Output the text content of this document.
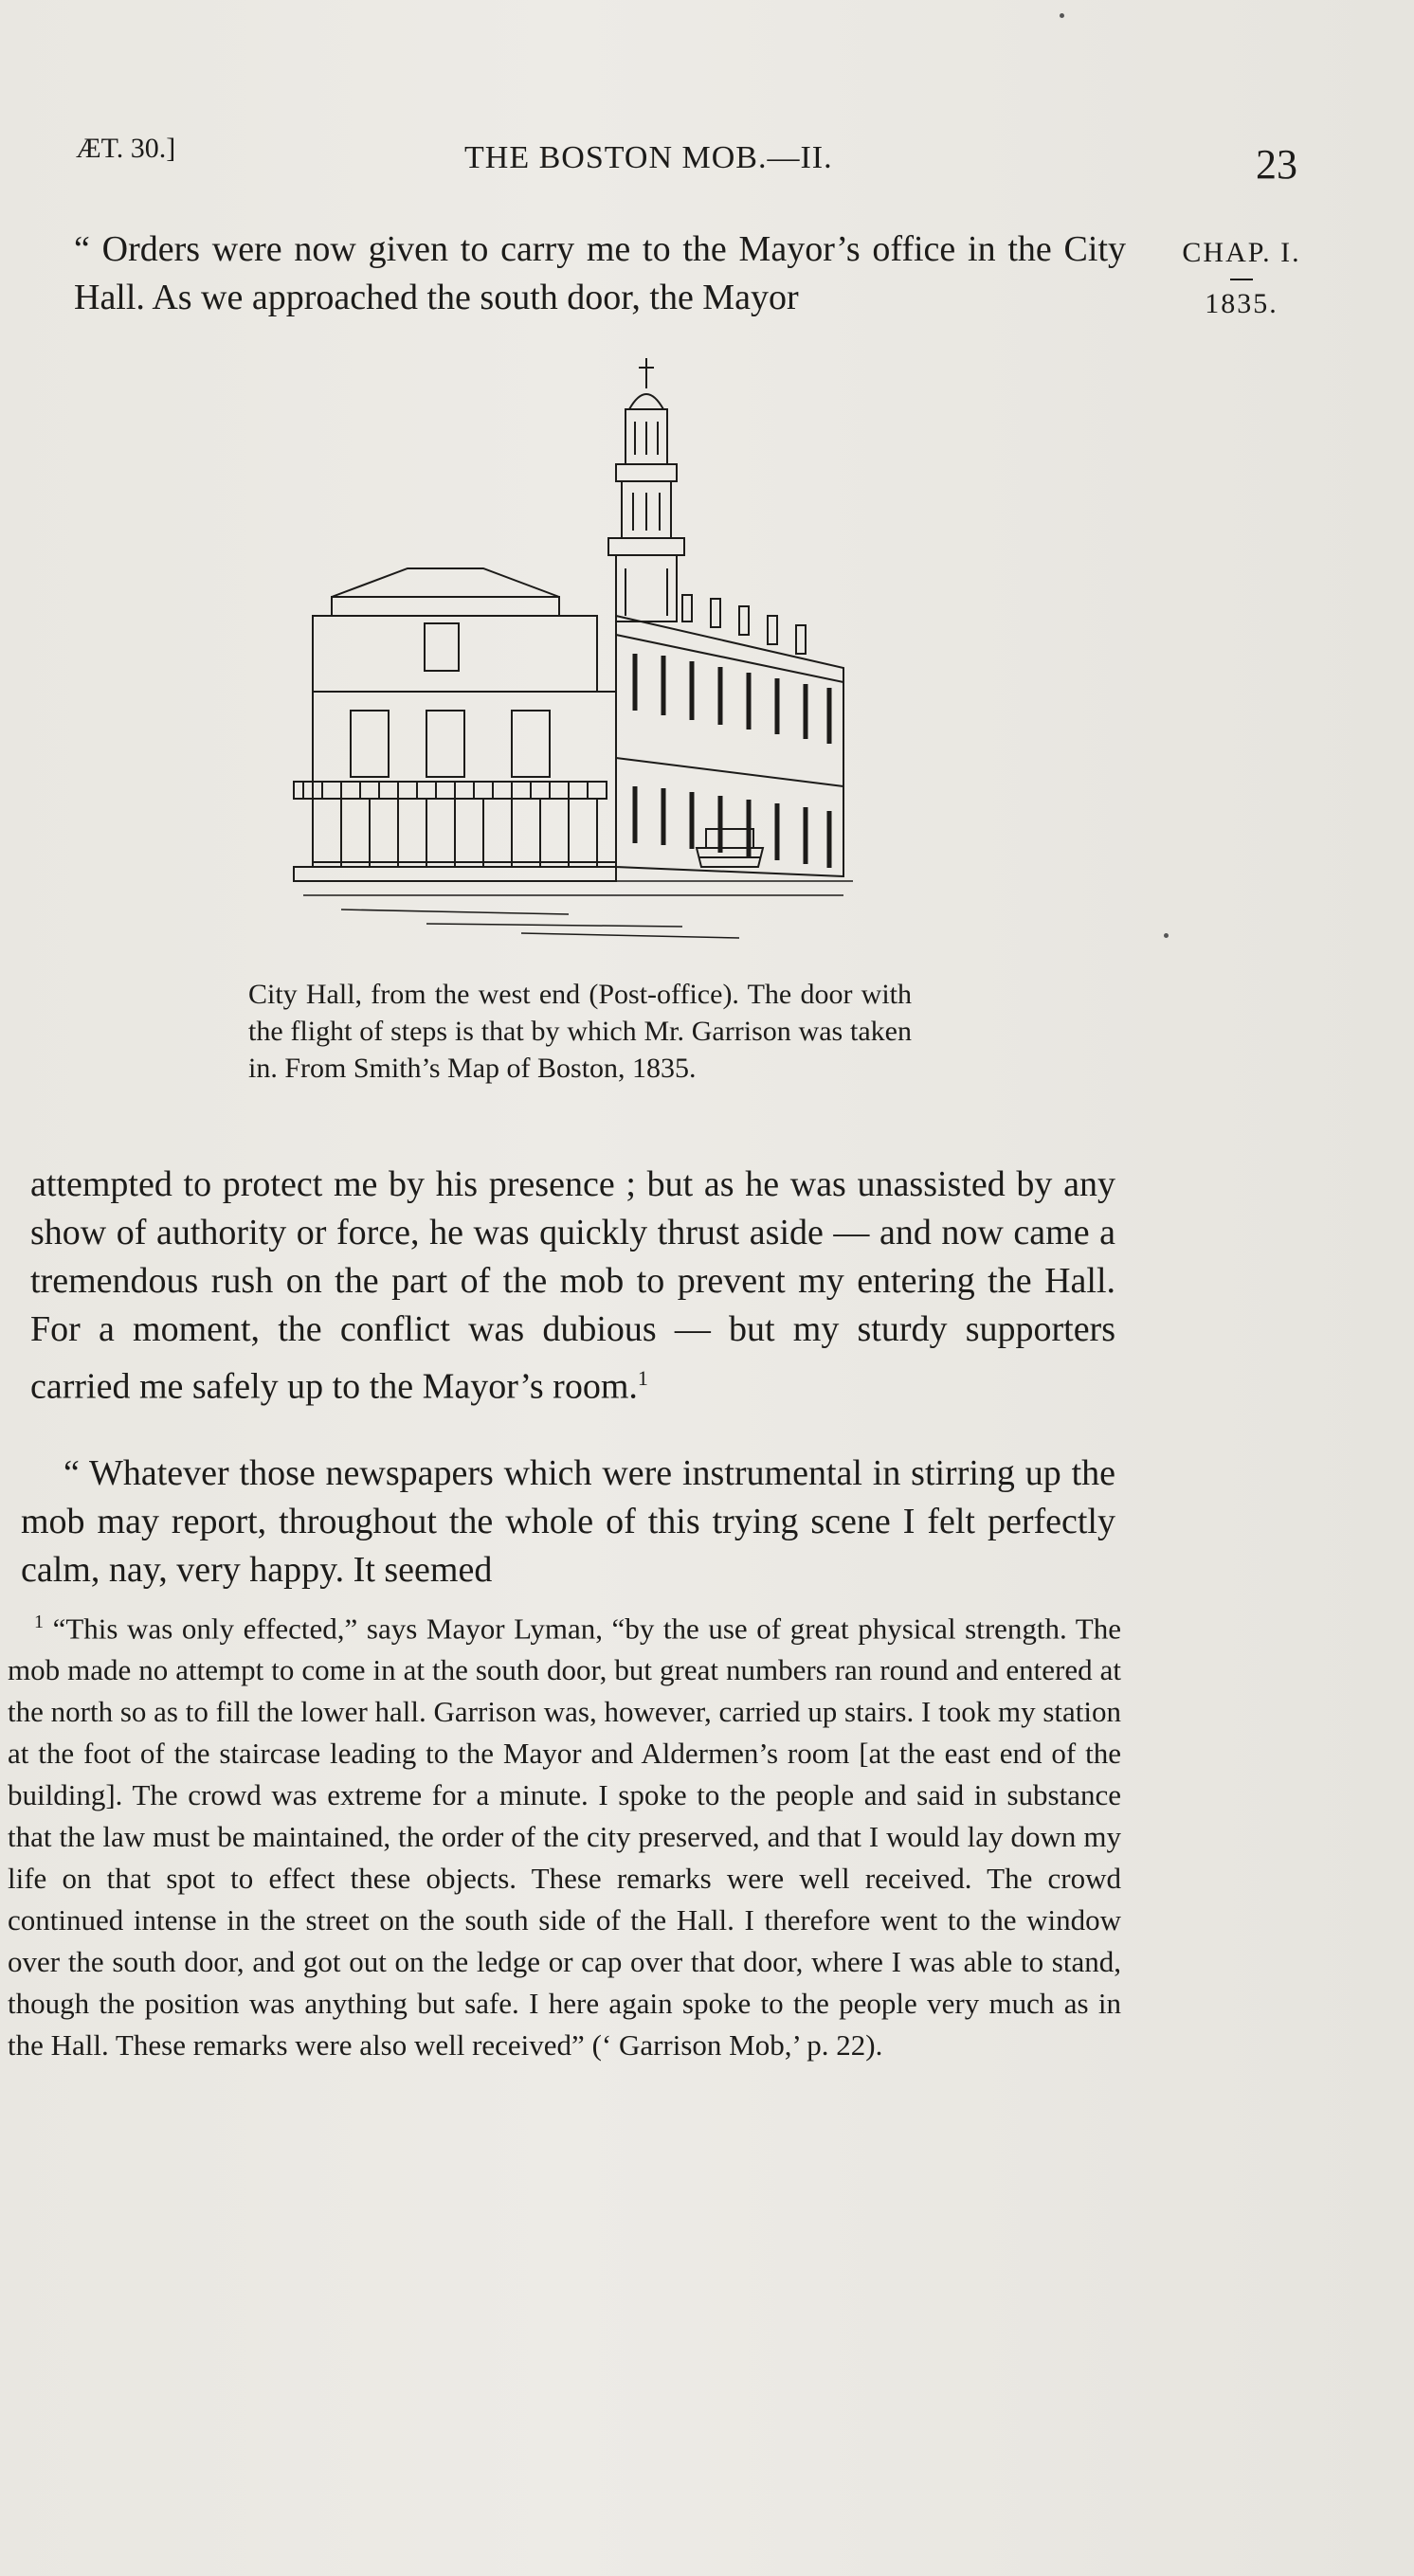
ÆT. 30.]	THE BOSTON MOB.—II.	23
CHAP. I.
1835.
“ Orders were now given to carry me to the Mayor’s office in the City Hall. As we approached the south door, the Mayor
City Hall, from the west end (Post-office). The door with the flight of steps is that by which Mr. Garrison was taken in. From Smith’s Map of Boston, 1835.
attempted to protect me by his presence ; but as he was unassisted by any show of authority or force, he was quickly thrust aside — and now came a tremendous rush on the part of the mob to prevent my entering the Hall. For a moment, the conflict was dubious — but my sturdy supporters carried me safely up to the Mayor’s room.$^1$
“ Whatever those newspapers which were instrumental in stirring up the mob may report, throughout the whole of this trying scene I felt perfectly calm, nay, very happy. It seemed
$^1$ “This was only effected,” says Mayor Lyman, “by the use of great physical strength. The mob made no attempt to come in at the south door, but great numbers ran round and entered at the north so as to fill the lower hall. Garrison was, however, carried up stairs. I took my station at the foot of the staircase leading to the Mayor and Aldermen’s room [at the east end of the building]. The crowd was extreme for a minute. I spoke to the people and said in substance that the law must be maintained, the order of the city preserved, and that I would lay down my life on that spot to effect these objects. These remarks were well received. The crowd continued intense in the street on the south side of the Hall. I therefore went to the window over the south door, and got out on the ledge or cap over that door, where I was able to stand, though the position was anything but safe. I here again spoke to the people very much as in the Hall. These remarks were also well received” (‘ Garrison Mob,’ p. 22).
